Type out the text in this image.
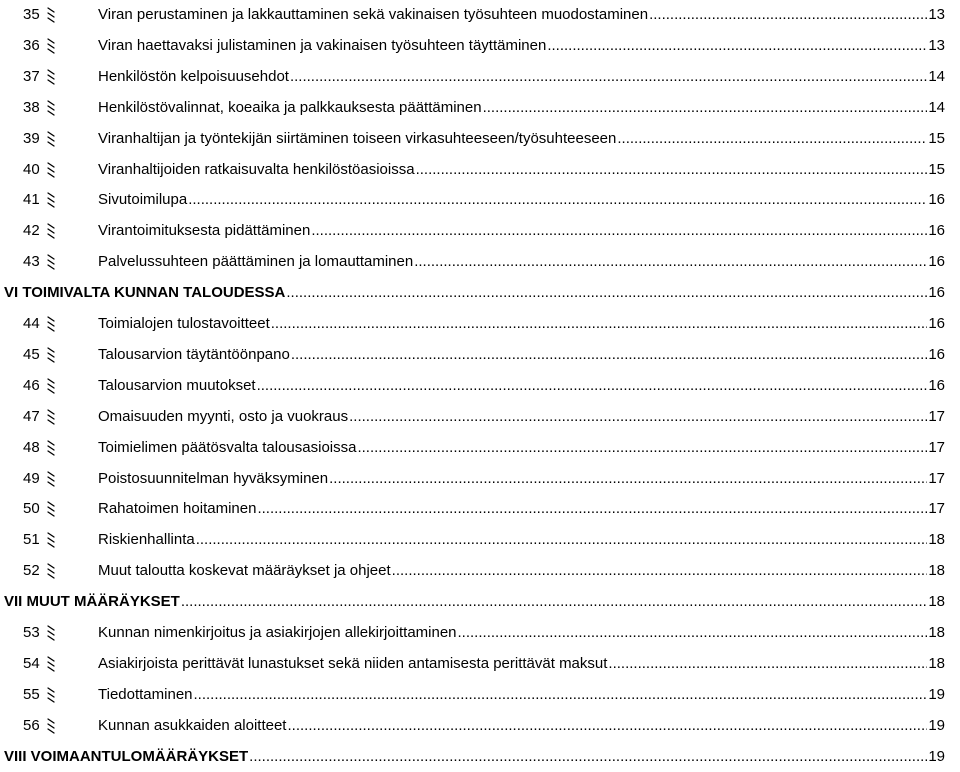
35	Viran perustaminen ja lakkauttaminen sekä vakinaisen työsuhteen muodostaminen .....	13
36	Viran haettavaksi julistaminen ja vakinaisen työsuhteen täyttäminen .....	13
37	Henkilöstön kelpoisuusehdot .....	14
38	Henkilöstövalinnat, koeaika ja palkkauksesta päättäminen .....	14
39	Viranhaltijan ja työntekijän siirtäminen toiseen virkasuhteeseen/työsuhteeseen .....	15
40	Viranhaltijoiden ratkaisuvalta henkilöstöasioissa .....	15
41	Sivutoimilupa .....	16
42	Virantoimituksesta pidättäminen .....	16
43	Palvelussuhteen päättäminen ja lomauttaminen .....	16
VI TOIMIVALTA KUNNAN TALOUDESSA .....	16
44	Toimialojen tulostavoitteet .....	16
45	Talousarvion täytäntöönpano .....	16
46	Talousarvion muutokset .....	16
47	Omaisuuden myynti, osto ja vuokraus .....	17
48	Toimielimen päätösvalta talousasioissa .....	17
49	Poistosuunnitelman hyväksyminen .....	17
50	Rahatoimen hoitaminen .....	17
51	Riskienhallinta .....	18
52	Muut taloutta koskevat määräykset ja ohjeet .....	18
VII MUUT MÄÄRÄYKSET .....	18
53	Kunnan nimenkirjoitus ja asiakirjojen allekirjoittaminen .....	18
54	Asiakirjoista perittävät lunastukset sekä niiden antamisesta perittävät maksut .....	18
55	Tiedottaminen .....	19
56	Kunnan asukkaiden aloitteet .....	19
VIII VOIMAANTULOMÄÄRÄYKSET .....	19
